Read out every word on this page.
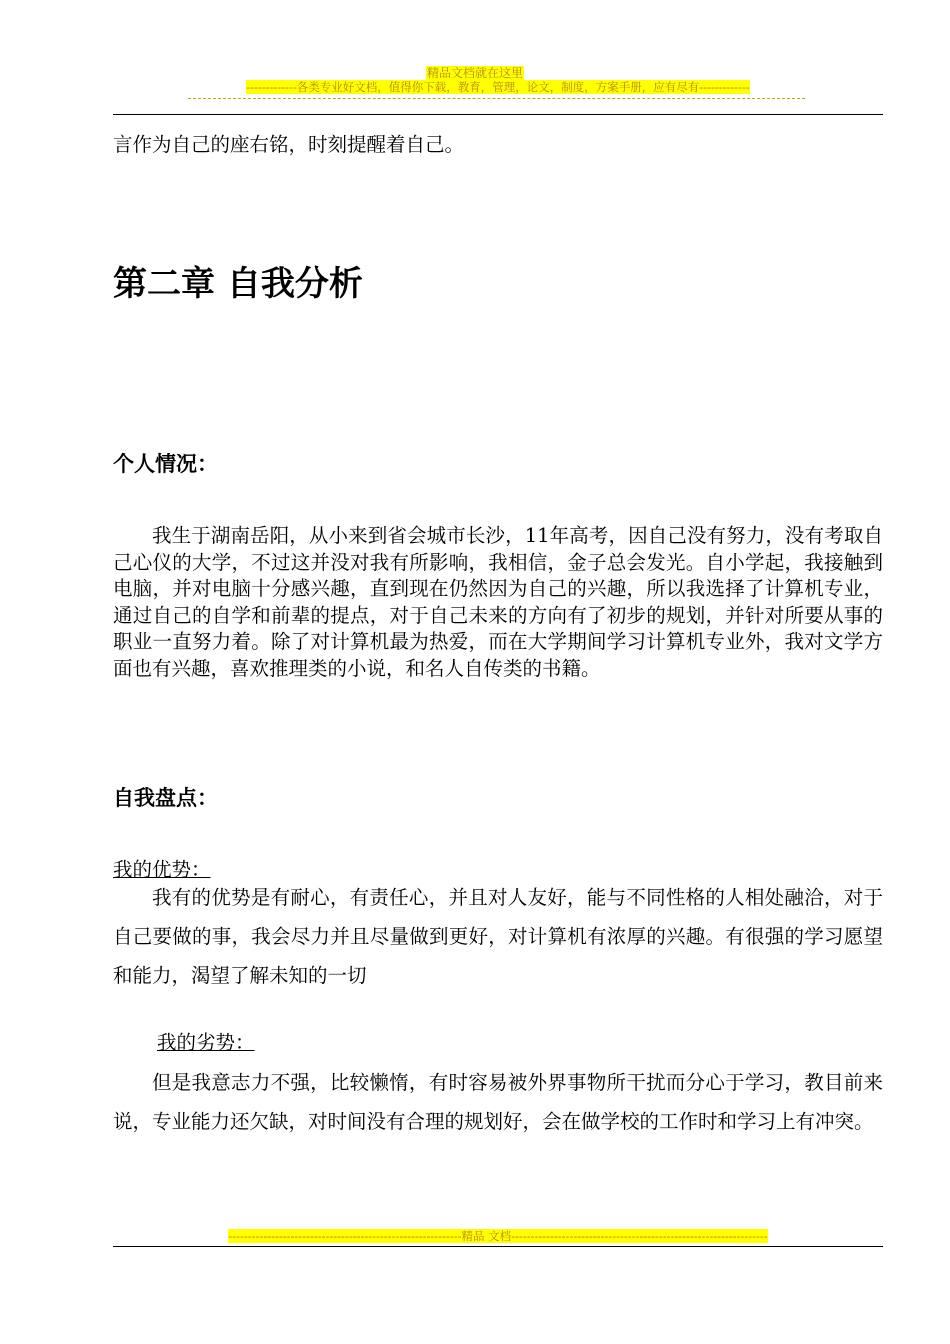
精品文档就在这里
-------------各类专业好文档，值得你下载，教育，管理，论文，制度，方案手册，应有尽有-------------
言作为自己的座右铭，时刻提醒着自己。
第二章 自我分析
个人情况：
我生于湖南岳阳，从小来到省会城市长沙，11年高考，因自己没有努力，没有考取自己心仪的大学，不过这并没对我有所影响，我相信，金子总会发光。自小学起，我接触到电脑，并对电脑十分感兴趣，直到现在仍然因为自己的兴趣，所以我选择了计算机专业，通过自己的自学和前辈的提点，对于自己未来的方向有了初步的规划，并针对所要从事的职业一直努力着。除了对计算机最为热爱，而在大学期间学习计算机专业外，我对文学方面也有兴趣，喜欢推理类的小说，和名人自传类的书籍。
自我盘点：
我的优势：
我有的优势是有耐心，有责任心，并且对人友好，能与不同性格的人相处融洽，对于自己要做的事，我会尽力并且尽量做到更好，对计算机有浓厚的兴趣。有很强的学习愿望和能力，渴望了解未知的一切
我的劣势：
但是我意志力不强，比较懒惰，有时容易被外界事物所干扰而分心于学习，教目前来说，专业能力还欠缺，对时间没有合理的规划好，会在做学校的工作时和学习上有冲突。
------------------------------------------------------------精品 文档------------------------------------------------------------------
